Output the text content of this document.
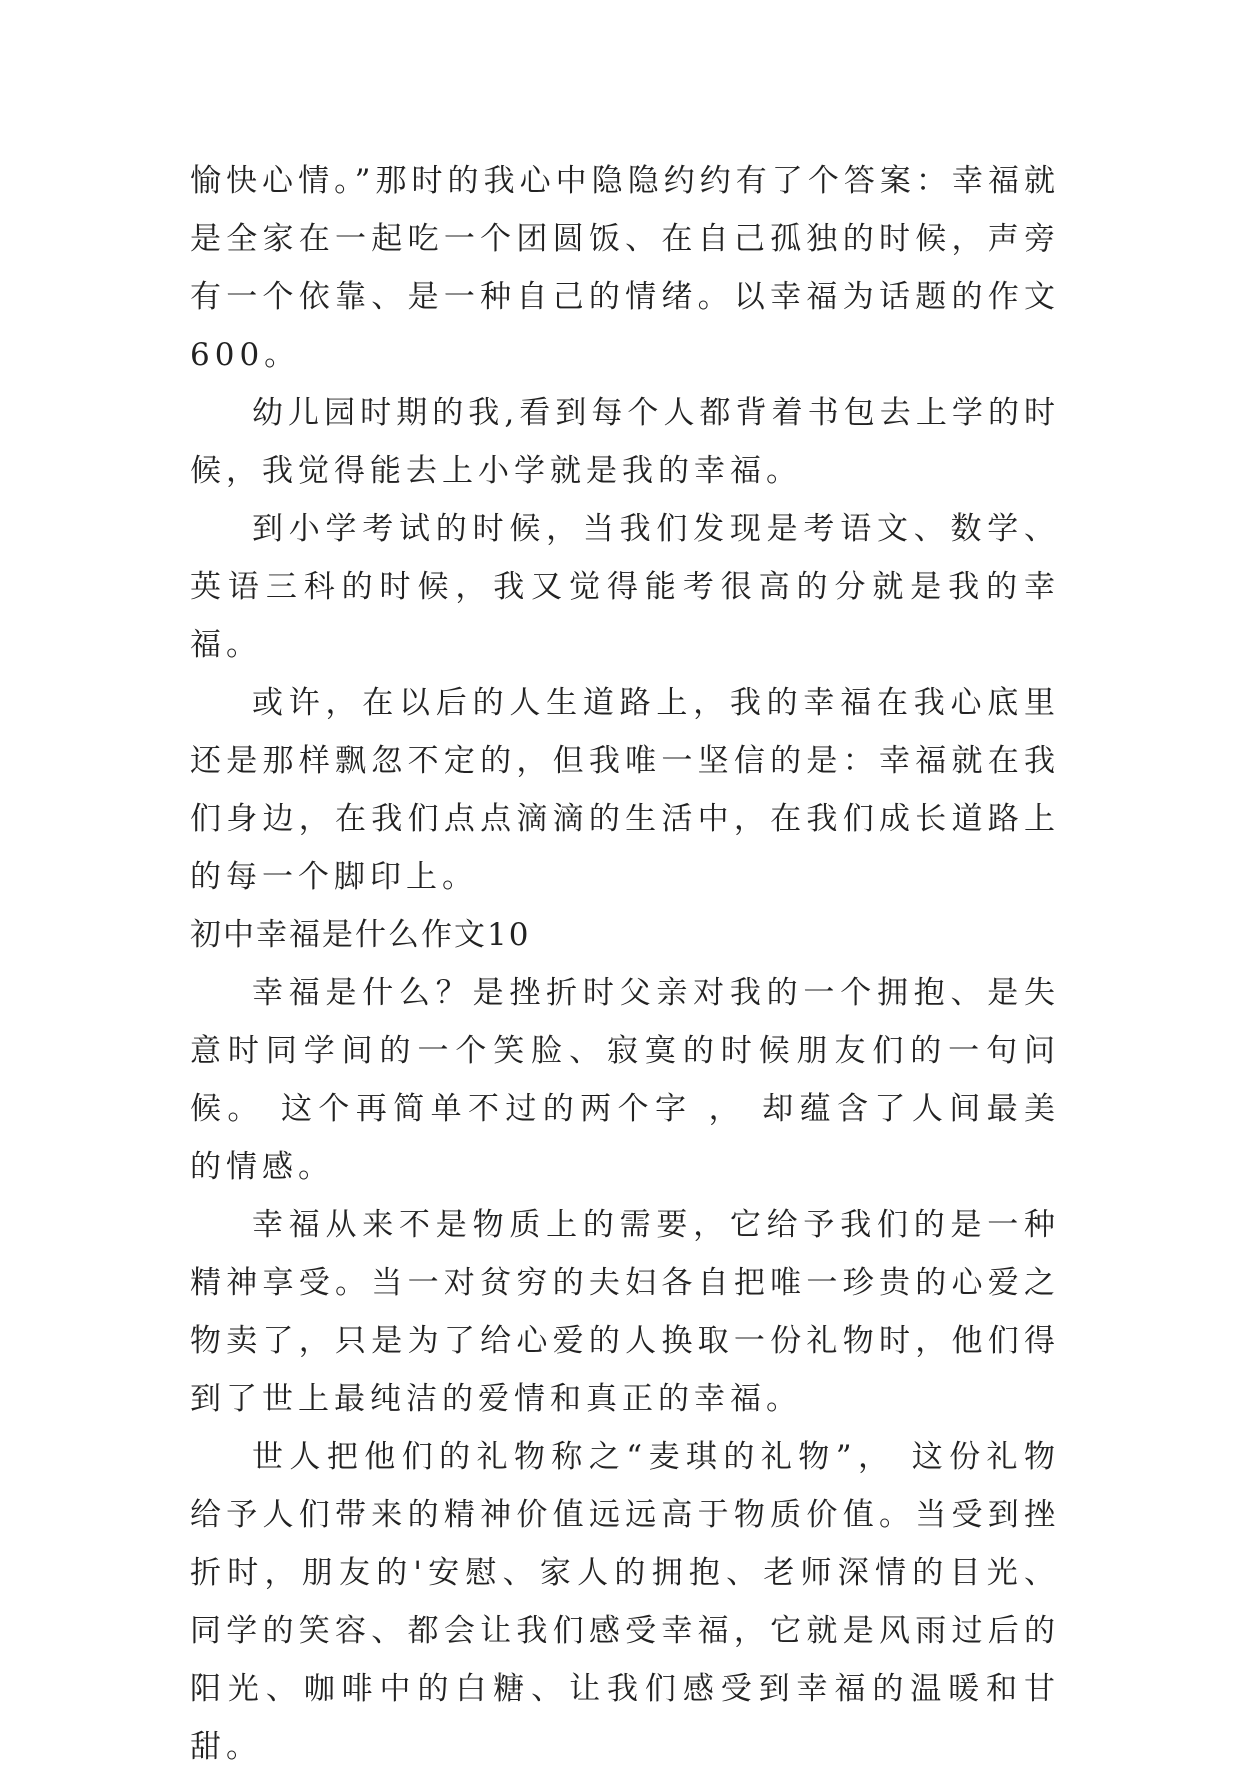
愉快心情。”那时的我心中隐隐约约有了个答案：幸福就是全家在一起吃一个团圆饭、在自己孤独的时候，声旁有一个依靠、是一种自己的情绪。以幸福为话题的作文600。

幼儿园时期的我,看到每个人都背着书包去上学的时候，我觉得能去上小学就是我的幸福。

到小学考试的时候，当我们发现是考语文、数学、英语三科的时候，我又觉得能考很高的分就是我的幸福。

或许，在以后的人生道路上，我的幸福在我心底里还是那样飘忽不定的，但我唯一坚信的是：幸福就在我们身边，在我们点点滴滴的生活中，在我们成长道路上的每一个脚印上。

初中幸福是什么作文10

幸福是什么？是挫折时父亲对我的一个拥抱、是失意时同学间的一个笑脸、寂寞的时候朋友们的一句问候。 这个再简单不过的两个字 ， 却蕴含了人间最美的情感。

幸福从来不是物质上的需要，它给予我们的是一种精神享受。当一对贫穷的夫妇各自把唯一珍贵的心爱之物卖了，只是为了给心爱的人换取一份礼物时，他们得到了世上最纯洁的爱情和真正的幸福。

世人把他们的礼物称之“麦琪的礼物”， 这份礼物给予人们带来的精神价值远远高于物质价值。当受到挫折时，朋友的'安慰、家人的拥抱、老师深情的目光、同学的笑容、都会让我们感受幸福，它就是风雨过后的阳光、咖啡中的白糖、让我们感受到幸福的温暖和甘甜。
